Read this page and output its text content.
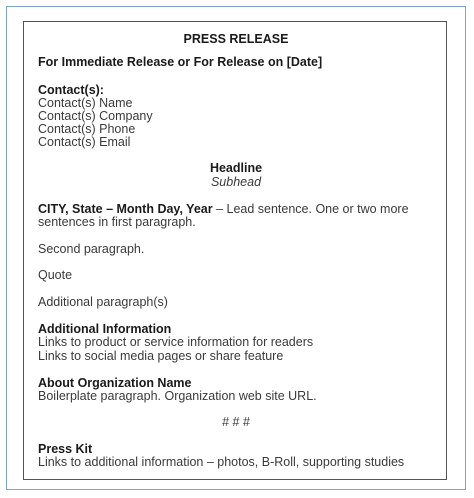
PRESS RELEASE
For Immediate Release or For Release on [Date]
Contact(s):
Contact(s) Name
Contact(s) Company
Contact(s) Phone
Contact(s) Email
Headline
Subhead
CITY, State – Month Day, Year – Lead sentence. One or two more
sentences in first paragraph.
Second paragraph.
Quote
Additional paragraph(s)
Additional Information
Links to product or service information for readers
Links to social media pages or share feature
About Organization Name
Boilerplate paragraph. Organization web site URL.
# # #
Press Kit
Links to additional information – photos, B-Roll, supporting studies
